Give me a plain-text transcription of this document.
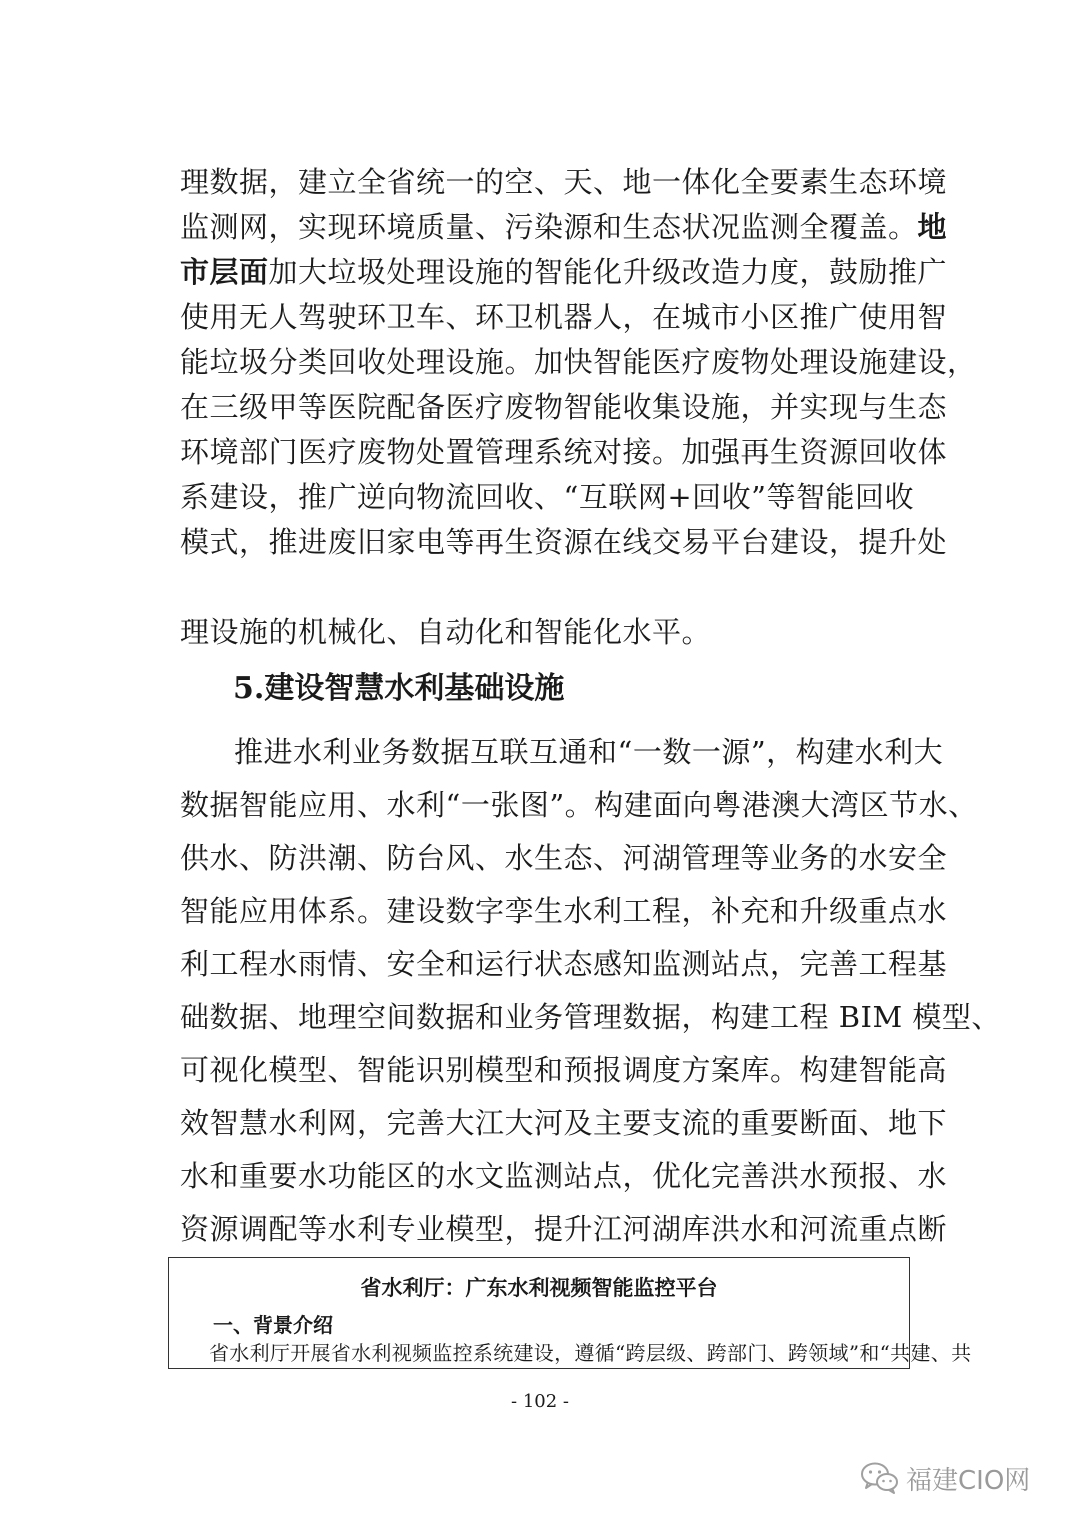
理数据，建立全省统一的空、天、地一体化全要素生态环境
监测网，实现环境质量、污染源和生态状况监测全覆盖。地
市层面加大垃圾处理设施的智能化升级改造力度，鼓励推广
使用无人驾驶环卫车、环卫机器人，在城市小区推广使用智
能垃圾分类回收处理设施。加快智能医疗废物处理设施建设，
在三级甲等医院配备医疗废物智能收集设施，并实现与生态
环境部门医疗废物处置管理系统对接。加强再生资源回收体
系建设，推广逆向物流回收、“互联网+回收”等智能回收
模式，推进废旧家电等再生资源在线交易平台建设，提升处
理设施的机械化、自动化和智能化水平。
5.建设智慧水利基础设施
推进水利业务数据互联互通和“一数一源”，构建水利大
数据智能应用、水利“一张图”。构建面向粤港澳大湾区节水、
供水、防洪潮、防台风、水生态、河湖管理等业务的水安全
智能应用体系。建设数字孪生水利工程，补充和升级重点水
利工程水雨情、安全和运行状态感知监测站点，完善工程基
础数据、地理空间数据和业务管理数据，构建工程 BIM 模型、
可视化模型、智能识别模型和预报调度方案库。构建智能高
效智慧水利网，完善大江大河及主要支流的重要断面、地下
水和重要水功能区的水文监测站点，优化完善洪水预报、水
资源调配等水利专业模型，提升江河湖库洪水和河流重点断
省水利厅：广东水利视频智能监控平台
一、背景介绍
省水利厅开展省水利视频监控系统建设，遵循“跨层级、跨部门、跨领域”和“共建、共
- 102 -
福建CIO网
